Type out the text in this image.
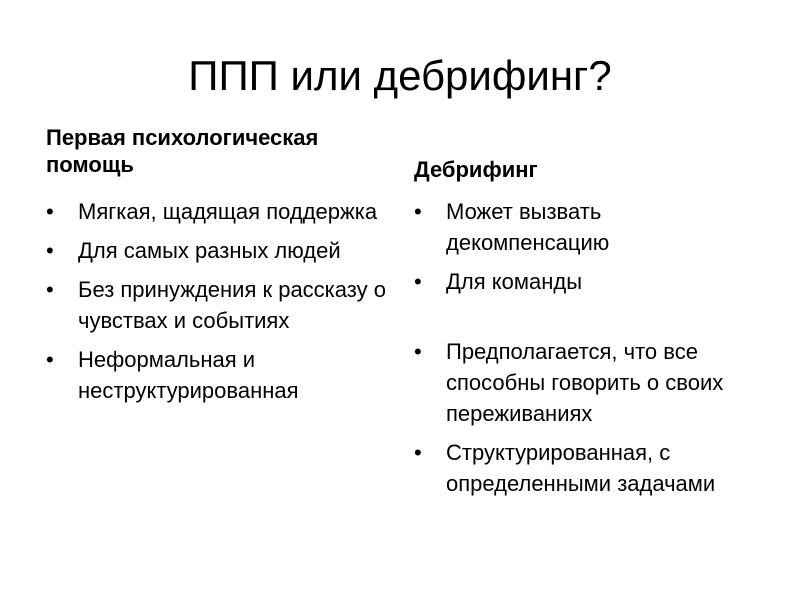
ППП или дебрифинг?
Первая психологическая помощь
•	Мягкая, щадящая поддержка
•	Для самых разных людей
•	Без принуждения к рассказу о чувствах и событиях
•	Неформальная и неструктурированная
Дебрифинг
•	Может вызвать декомпенсацию
•	Для команды
•	Предполагается, что все способны говорить о своих переживаниях
•	Структурированная, с определенными задачами
